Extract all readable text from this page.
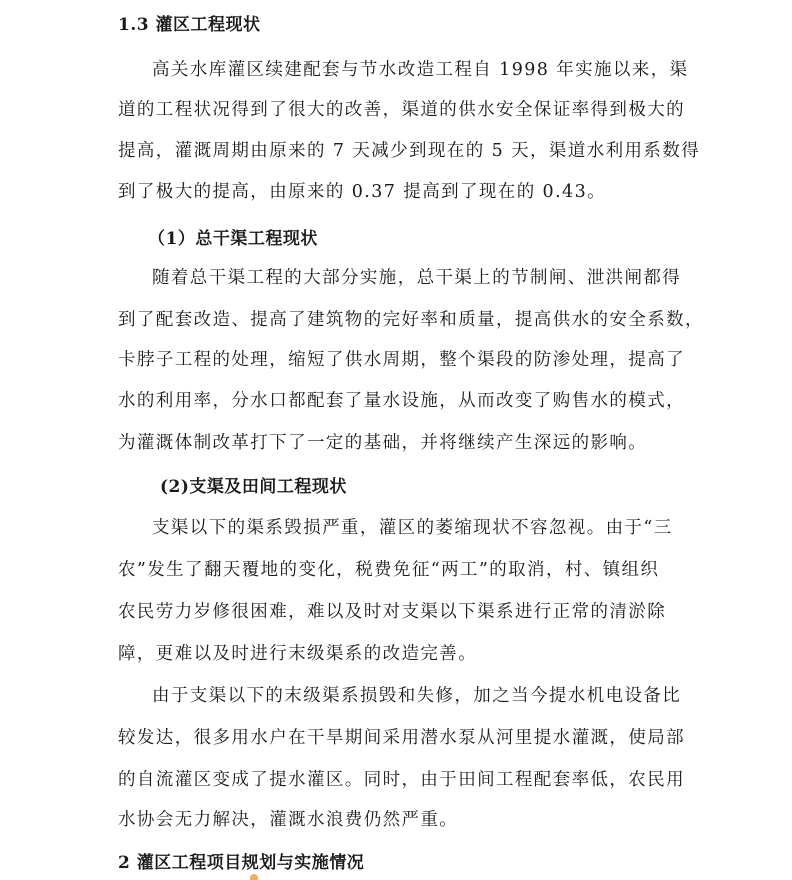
1.3 灌区工程现状
高关水库灌区续建配套与节水改造工程自 1998 年实施以来，渠
道的工程状况得到了很大的改善，渠道的供水安全保证率得到极大的
提高，灌溉周期由原来的 7 天减少到现在的 5 天，渠道水利用系数得
到了极大的提高，由原来的 0.37 提高到了现在的 0.43。
（1）总干渠工程现状
随着总干渠工程的大部分实施，总干渠上的节制闸、泄洪闸都得
到了配套改造、提高了建筑物的完好率和质量，提高供水的安全系数，
卡脖子工程的处理，缩短了供水周期，整个渠段的防渗处理，提高了
水的利用率，分水口都配套了量水设施，从而改变了购售水的模式，
为灌溉体制改革打下了一定的基础，并将继续产生深远的影响。
(2)支渠及田间工程现状
支渠以下的渠系毁损严重，灌区的萎缩现状不容忽视。由于“三
农”发生了翻天覆地的变化，税费免征“两工”的取消，村、镇组织
农民劳力岁修很困难，难以及时对支渠以下渠系进行正常的清淤除
障，更难以及时进行末级渠系的改造完善。
由于支渠以下的末级渠系损毁和失修，加之当今提水机电设备比
较发达，很多用水户在干旱期间采用潜水泵从河里提水灌溉，使局部
的自流灌区变成了提水灌区。同时，由于田间工程配套率低，农民用
水协会无力解决，灌溉水浪费仍然严重。
2 灌区工程项目规划与实施情况
